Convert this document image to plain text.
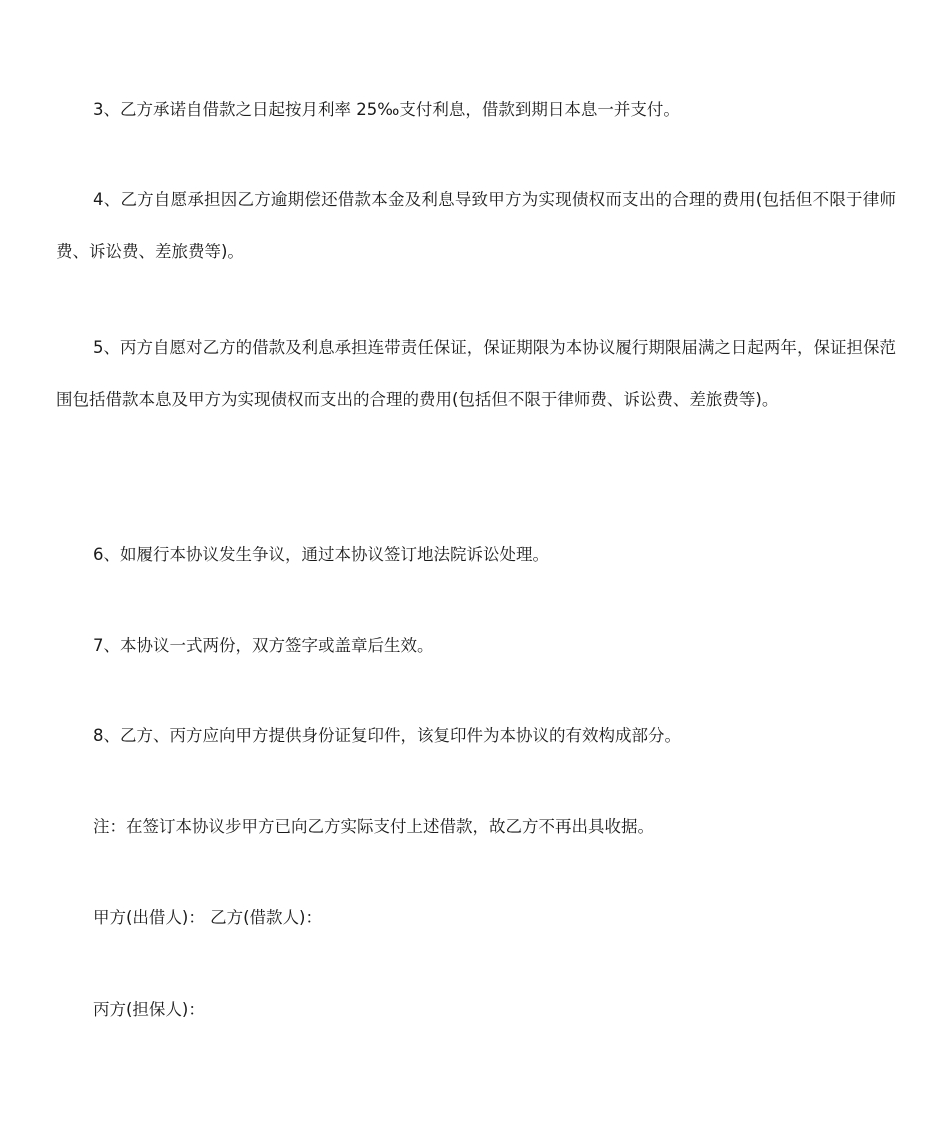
3、乙方承诺自借款之日起按月利率 25‰支付利息，借款到期日本息一并支付。

4、乙方自愿承担因乙方逾期偿还借款本金及利息导致甲方为实现债权而支出的合理的费用(包括但不限于律师费、诉讼费、差旅费等)。

5、丙方自愿对乙方的借款及利息承担连带责任保证，保证期限为本协议履行期限届满之日起两年，保证担保范围包括借款本息及甲方为实现债权而支出的合理的费用(包括但不限于律师费、诉讼费、差旅费等)。

6、如履行本协议发生争议，通过本协议签订地法院诉讼处理。

7、本协议一式两份，双方签字或盖章后生效。

8、乙方、丙方应向甲方提供身份证复印件，该复印件为本协议的有效构成部分。

注：在签订本协议步甲方已向乙方实际支付上述借款，故乙方不再出具收据。

甲方(出借人)： 乙方(借款人)：

丙方(担保人)：
